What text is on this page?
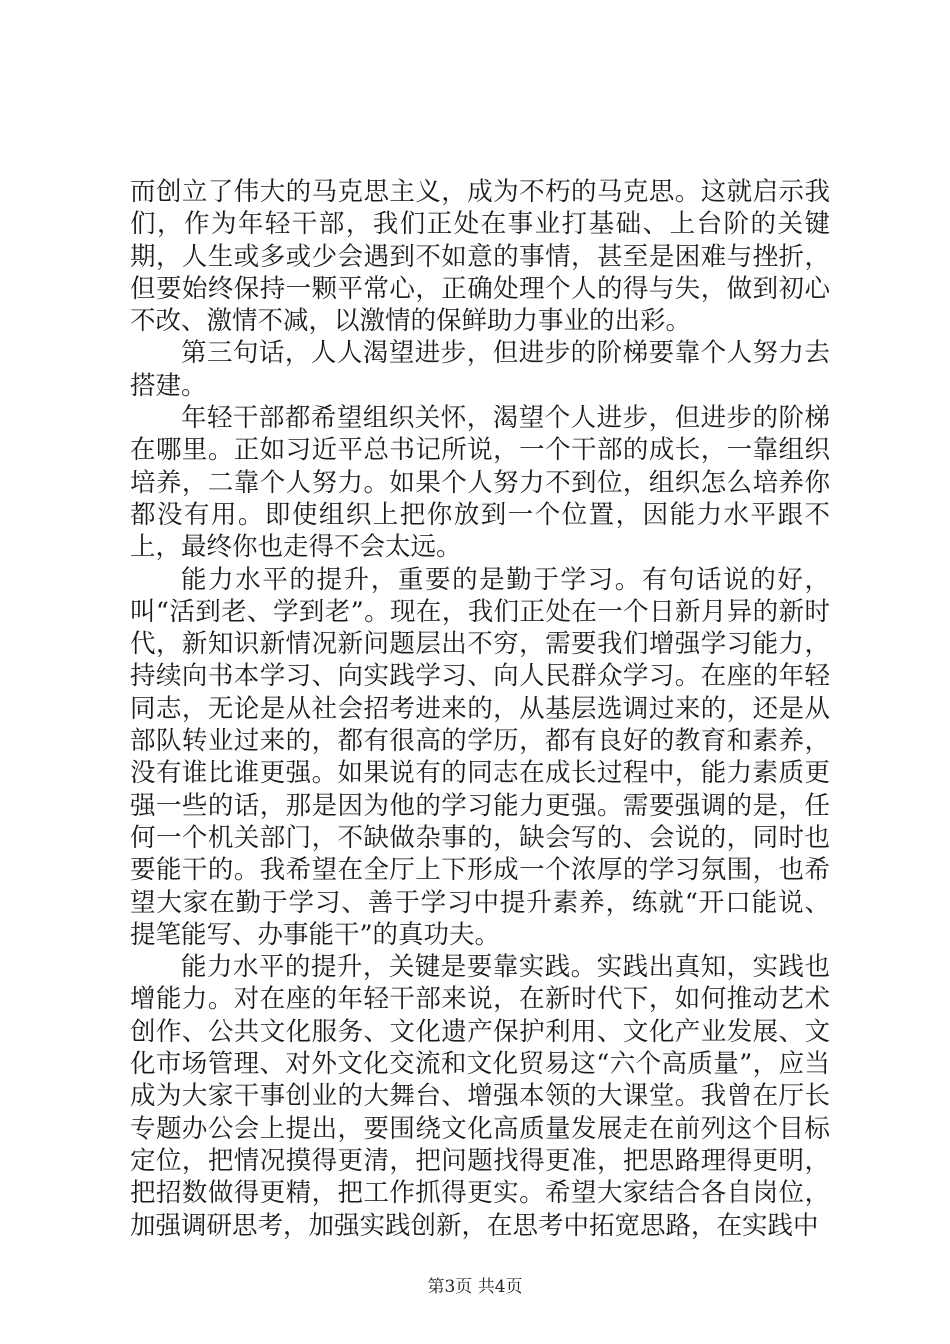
而创立了伟大的马克思主义，成为不朽的马克思。这就启示我们，作为年轻干部，我们正处在事业打基础、上台阶的关键期，人生或多或少会遇到不如意的事情，甚至是困难与挫折，但要始终保持一颗平常心，正确处理个人的得与失，做到初心不改、激情不减，以激情的保鲜助力事业的出彩。

第三句话，人人渴望进步，但进步的阶梯要靠个人努力去搭建。

年轻干部都希望组织关怀，渴望个人进步，但进步的阶梯在哪里。正如习近平总书记所说，一个干部的成长，一靠组织培养，二靠个人努力。如果个人努力不到位，组织怎么培养你都没有用。即使组织上把你放到一个位置，因能力水平跟不上，最终你也走得不会太远。

能力水平的提升，重要的是勤于学习。有句话说的好，叫“活到老、学到老”。现在，我们正处在一个日新月异的新时代，新知识新情况新问题层出不穷，需要我们增强学习能力，持续向书本学习、向实践学习、向人民群众学习。在座的年轻同志，无论是从社会招考进来的，从基层选调过来的，还是从部队转业过来的，都有很高的学历，都有良好的教育和素养，没有谁比谁更强。如果说有的同志在成长过程中，能力素质更强一些的话，那是因为他的学习能力更强。需要强调的是，任何一个机关部门，不缺做杂事的，缺会写的、会说的，同时也要能干的。我希望在全厅上下形成一个浓厚的学习氛围，也希望大家在勤于学习、善于学习中提升素养，练就“开口能说、提笔能写、办事能干”的真功夫。

能力水平的提升，关键是要靠实践。实践出真知，实践也增能力。对在座的年轻干部来说，在新时代下，如何推动艺术创作、公共文化服务、文化遗产保护利用、文化产业发展、文化市场管理、对外文化交流和文化贸易这“六个高质量”，应当成为大家干事创业的大舞台、增强本领的大课堂。我曾在厅长专题办公会上提出，要围绕文化高质量发展走在前列这个目标定位，把情况摸得更清，把问题找得更准，把思路理得更明，把招数做得更精，把工作抓得更实。希望大家结合各自岗位，加强调研思考，加强实践创新，在思考中拓宽思路，在实践中

第3页 共4页
